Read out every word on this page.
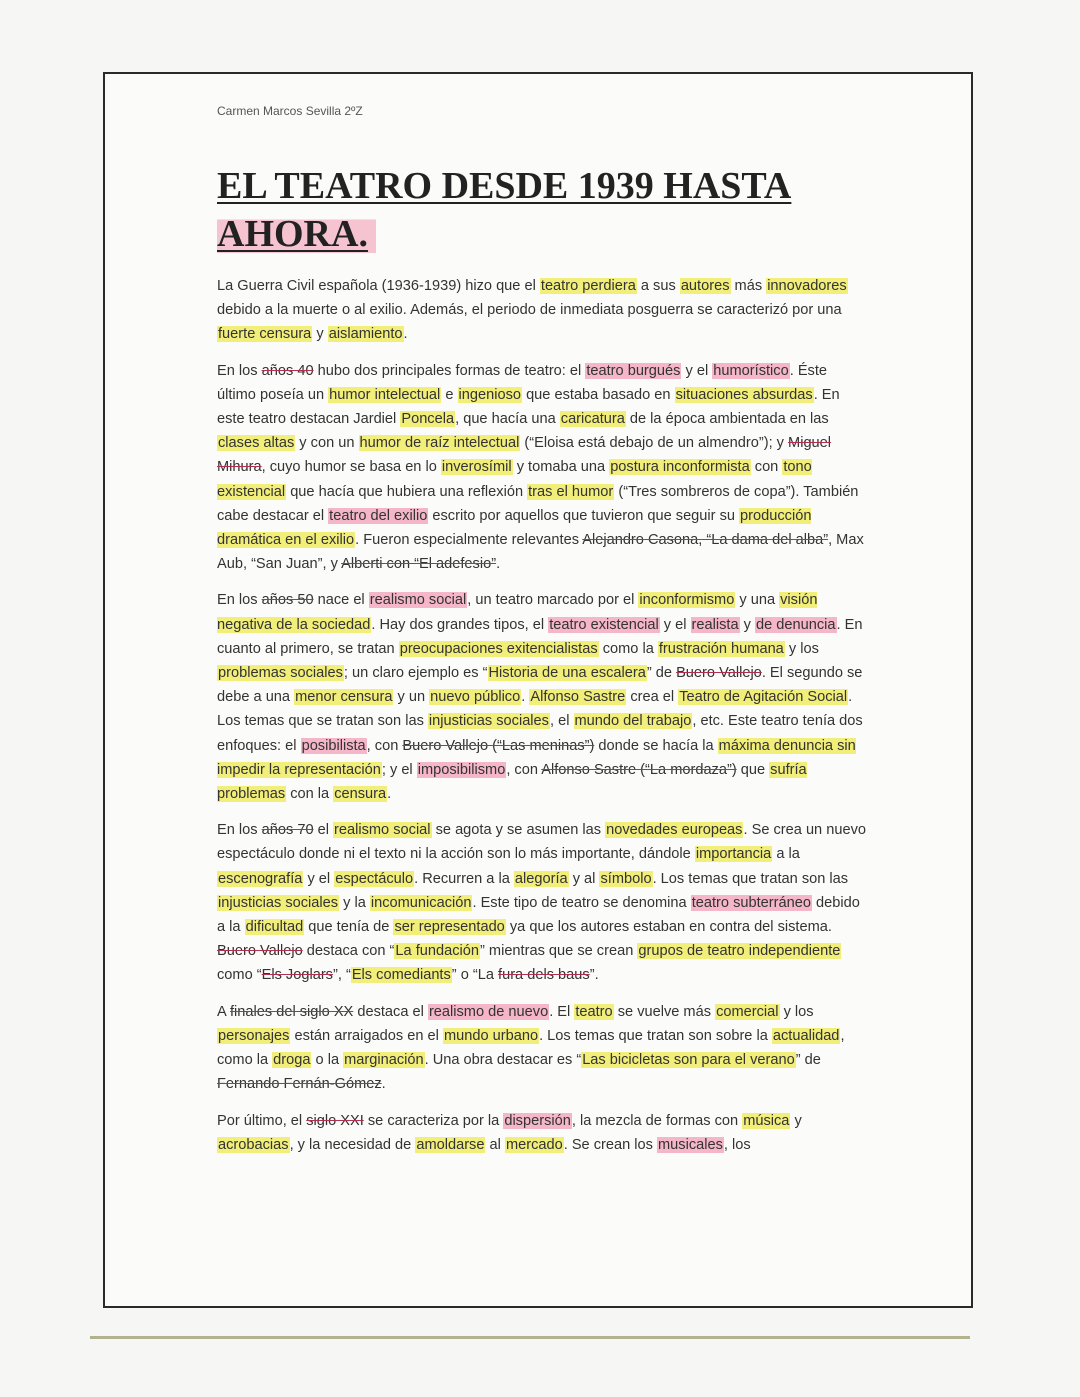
Carmen Marcos Sevilla 2ºZ
EL TEATRO DESDE 1939 HASTA
AHORA.

La Guerra Civil española (1936-1939) hizo que el teatro perdiera a sus autores más innovadores debido a la muerte o al exilio. Además, el periodo de inmediata posguerra se caracterizó por una fuerte censura y aislamiento.

En los años 40 hubo dos principales formas de teatro: el teatro burgués y el humorístico. Éste último poseía un humor intelectual e ingenioso que estaba basado en situaciones absurdas. En este teatro destacan Jardiel Poncela, que hacía una caricatura de la época ambientada en las clases altas y con un humor de raíz intelectual (“Eloisa está debajo de un almendro”); y Miguel Mihura, cuyo humor se basa en lo inverosímil y tomaba una postura inconformista con tono existencial que hacía que hubiera una reflexión tras el humor (“Tres sombreros de copa”). También cabe destacar el teatro del exilio escrito por aquellos que tuvieron que seguir su producción dramática en el exilio. Fueron especialmente relevantes Alejandro Casona, “La dama del alba”, Max Aub, “San Juan”, y Alberti con “El adefesio”.

En los años 50 nace el realismo social, un teatro marcado por el inconformismo y una visión negativa de la sociedad. Hay dos grandes tipos, el teatro existencial y el realista y de denuncia. En cuanto al primero, se tratan preocupaciones exitencialistas como la frustración humana y los problemas sociales; un claro ejemplo es “Historia de una escalera” de Buero Vallejo. El segundo se debe a una menor censura y un nuevo público. Alfonso Sastre crea el Teatro de Agitación Social. Los temas que se tratan son las injusticias sociales, el mundo del trabajo, etc. Este teatro tenía dos enfoques: el posibilista, con Buero Vallejo (“Las meninas”) donde se hacía la máxima denuncia sin impedir la representación; y el imposibilismo, con Alfonso Sastre (“La mordaza”) que sufría problemas con la censura.

En los años 70 el realismo social se agota y se asumen las novedades europeas. Se crea un nuevo espectáculo donde ni el texto ni la acción son lo más importante, dándole importancia a la escenografía y el espectáculo. Recurren a la alegoría y al símbolo. Los temas que tratan son las injusticias sociales y la incomunicación. Este tipo de teatro se denomina teatro subterráneo debido a la dificultad que tenía de ser representado ya que los autores estaban en contra del sistema. Buero Vallejo destaca con “La fundación” mientras que se crean grupos de teatro independiente como “Els Joglars”, “Els comediants” o “La fura dels baus”.

A finales del siglo XX destaca el realismo de nuevo. El teatro se vuelve más comercial y los personajes están arraigados en el mundo urbano. Los temas que tratan son sobre la actualidad, como la droga o la marginación. Una obra destacar es “Las bicicletas son para el verano” de Fernando Fernán-Gómez.

Por último, el siglo XXI se caracteriza por la dispersión, la mezcla de formas con música y acrobacias, y la necesidad de amoldarse al mercado. Se crean los musicales, los
